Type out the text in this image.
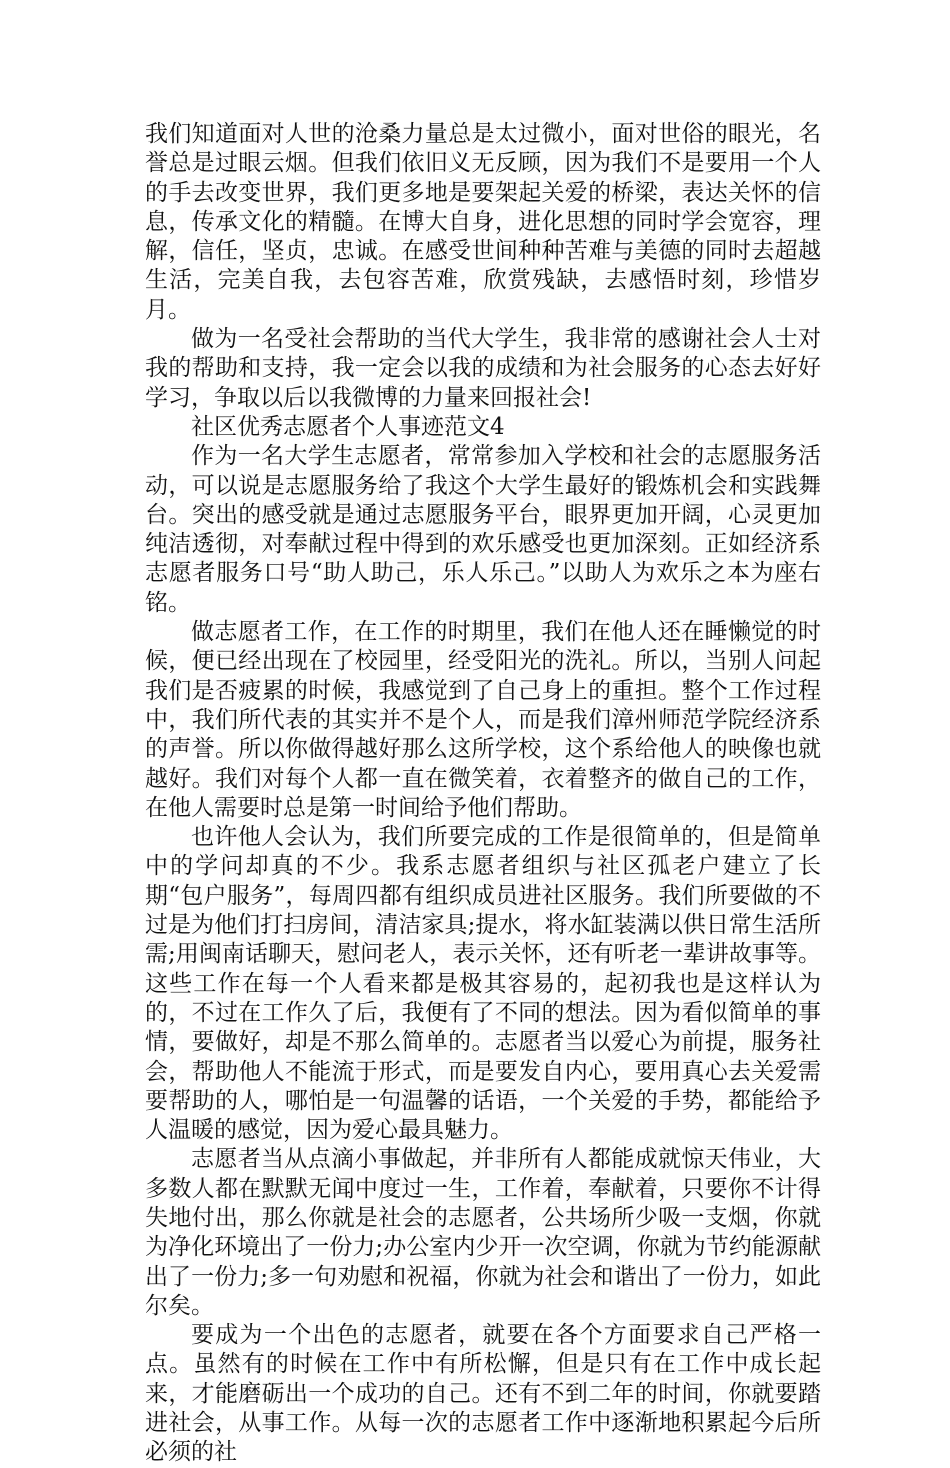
我们知道面对人世的沧桑力量总是太过微小，面对世俗的眼光，名誉总是过眼云烟。但我们依旧义无反顾，因为我们不是要用一个人的手去改变世界，我们更多地是要架起关爱的桥梁，表达关怀的信息，传承文化的精髓。在博大自身，进化思想的同时学会宽容，理解，信任，坚贞，忠诚。在感受世间种种苦难与美德的同时去超越生活，完美自我，去包容苦难，欣赏残缺，去感悟时刻，珍惜岁月。

做为一名受社会帮助的当代大学生，我非常的感谢社会人士对我的帮助和支持，我一定会以我的成绩和为社会服务的心态去好好学习，争取以后以我微博的力量来回报社会!

社区优秀志愿者个人事迹范文4

作为一名大学生志愿者，常常参加入学校和社会的志愿服务活动，可以说是志愿服务给了我这个大学生最好的锻炼机会和实践舞台。突出的感受就是通过志愿服务平台，眼界更加开阔，心灵更加纯洁透彻，对奉献过程中得到的欢乐感受也更加深刻。正如经济系志愿者服务口号“助人助己，乐人乐己。”以助人为欢乐之本为座右铭。

做志愿者工作，在工作的时期里，我们在他人还在睡懒觉的时候，便已经出现在了校园里，经受阳光的洗礼。所以，当别人问起我们是否疲累的时候，我感觉到了自己身上的重担。整个工作过程中，我们所代表的其实并不是个人，而是我们漳州师范学院经济系的声誉。所以你做得越好那么这所学校，这个系给他人的映像也就越好。我们对每个人都一直在微笑着，衣着整齐的做自己的工作，在他人需要时总是第一时间给予他们帮助。

也许他人会认为，我们所要完成的工作是很简单的，但是简单中的学问却真的不少。我系志愿者组织与社区孤老户建立了长期“包户服务”，每周四都有组织成员进社区服务。我们所要做的不过是为他们打扫房间，清洁家具;提水，将水缸装满以供日常生活所需;用闽南话聊天，慰问老人，表示关怀，还有听老一辈讲故事等。这些工作在每一个人看来都是极其容易的，起初我也是这样认为的，不过在工作久了后，我便有了不同的想法。因为看似简单的事情，要做好，却是不那么简单的。志愿者当以爱心为前提，服务社会，帮助他人不能流于形式，而是要发自内心，要用真心去关爱需要帮助的人，哪怕是一句温馨的话语，一个关爱的手势，都能给予人温暖的感觉，因为爱心最具魅力。

志愿者当从点滴小事做起，并非所有人都能成就惊天伟业，大多数人都在默默无闻中度过一生，工作着，奉献着，只要你不计得失地付出，那么你就是社会的志愿者，公共场所少吸一支烟，你就为净化环境出了一份力;办公室内少开一次空调，你就为节约能源献出了一份力;多一句劝慰和祝福，你就为社会和谐出了一份力，如此尔矣。

要成为一个出色的志愿者，就要在各个方面要求自己严格一点。虽然有的时候在工作中有所松懈，但是只有在工作中成长起来，才能磨砺出一个成功的自己。还有不到二年的时间，你就要踏进社会，从事工作。从每一次的志愿者工作中逐渐地积累起今后所必须的社
